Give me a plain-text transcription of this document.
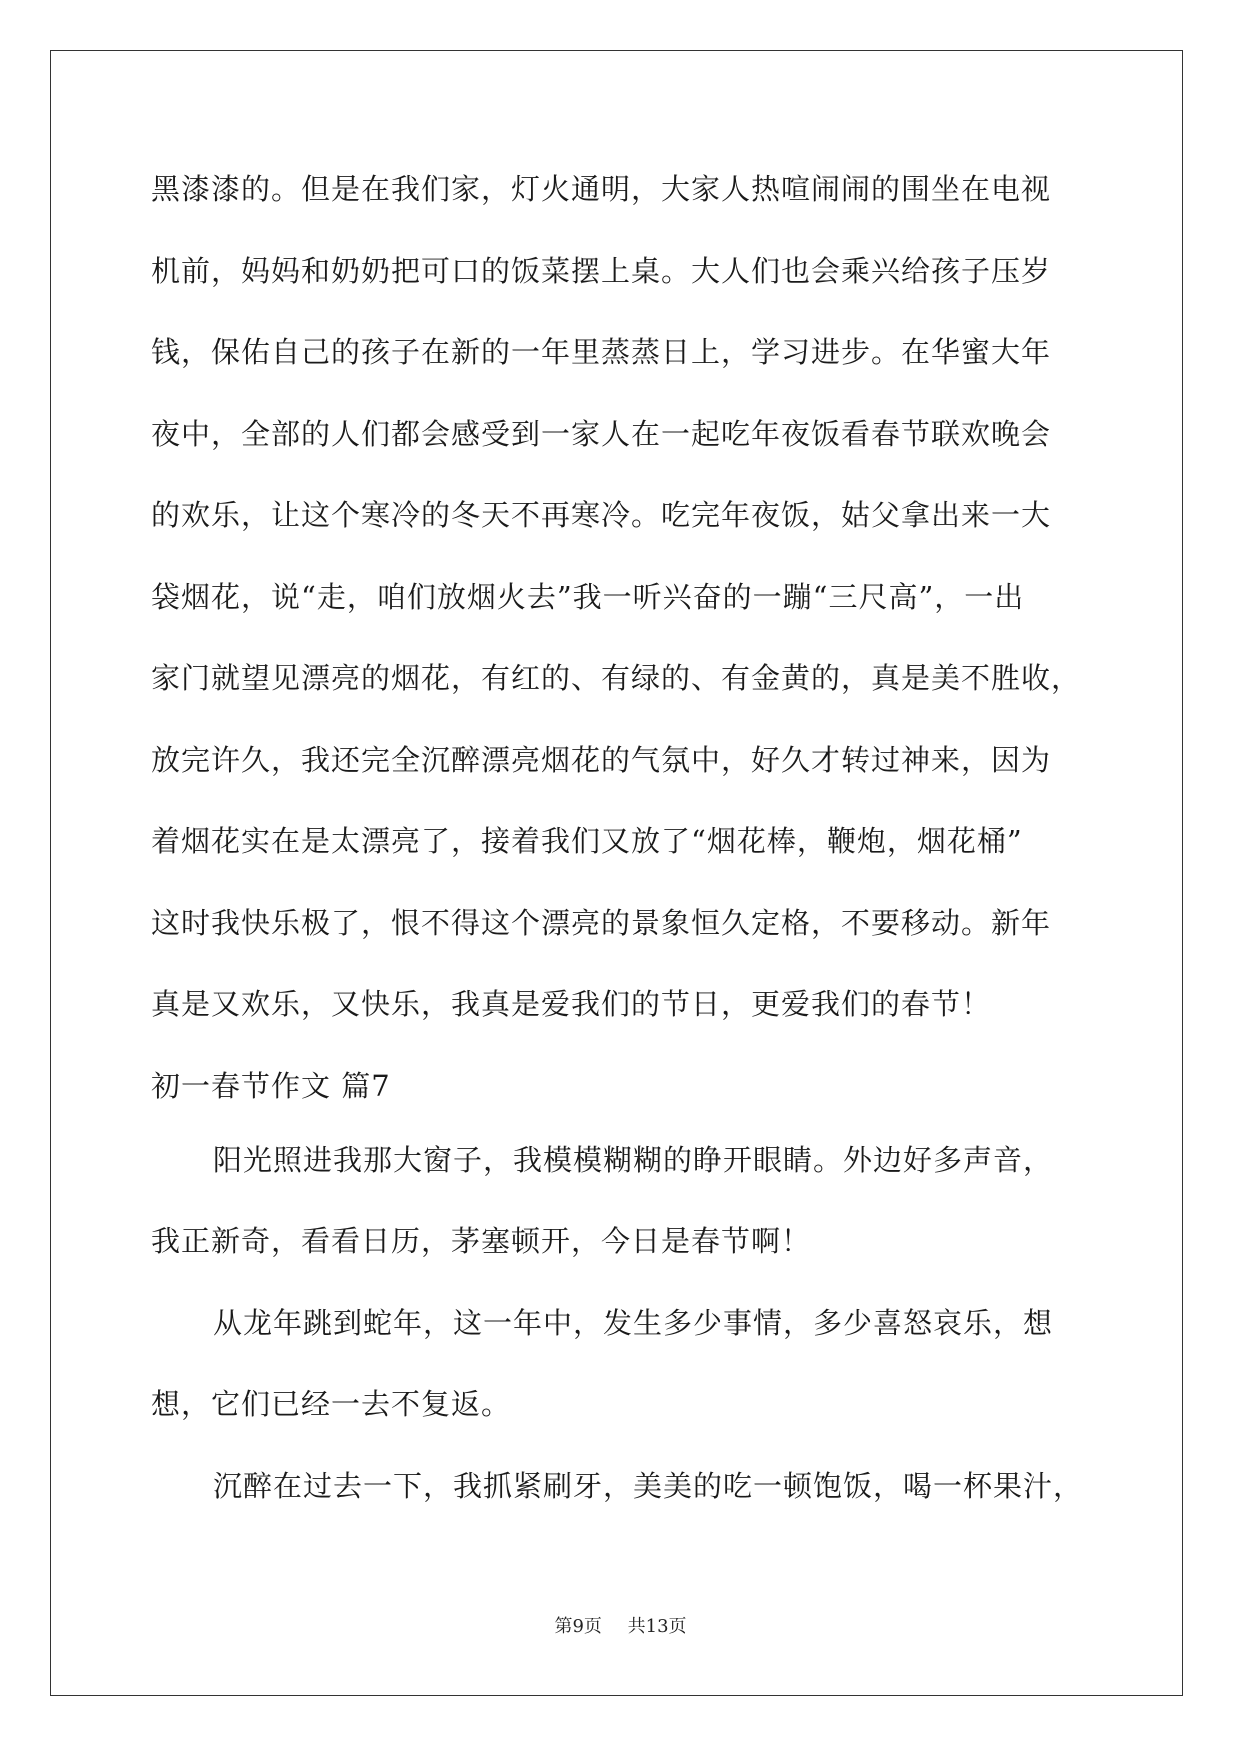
黑漆漆的。但是在我们家，灯火通明，大家人热喧闹闹的围坐在电视
机前，妈妈和奶奶把可口的饭菜摆上桌。大人们也会乘兴给孩子压岁
钱，保佑自己的孩子在新的一年里蒸蒸日上，学习进步。在华蜜大年
夜中，全部的人们都会感受到一家人在一起吃年夜饭看春节联欢晚会
的欢乐，让这个寒冷的冬天不再寒冷。吃完年夜饭，姑父拿出来一大
袋烟花，说“走，咱们放烟火去”我一听兴奋的一蹦“三尺高”，一出
家门就望见漂亮的烟花，有红的、有绿的、有金黄的，真是美不胜收，
放完许久，我还完全沉醉漂亮烟花的气氛中，好久才转过神来，因为
着烟花实在是太漂亮了，接着我们又放了“烟花棒，鞭炮，烟花桶”
这时我快乐极了，恨不得这个漂亮的景象恒久定格，不要移动。新年
真是又欢乐，又快乐，我真是爱我们的节日，更爱我们的春节！
初一春节作文 篇7
阳光照进我那大窗子，我模模糊糊的睁开眼睛。外边好多声音，
我正新奇，看看日历，茅塞顿开，今日是春节啊！
从龙年跳到蛇年，这一年中，发生多少事情，多少喜怒哀乐，想
想，它们已经一去不复返。
沉醉在过去一下，我抓紧刷牙，美美的吃一顿饱饭，喝一杯果汁，
第9页 共13页
